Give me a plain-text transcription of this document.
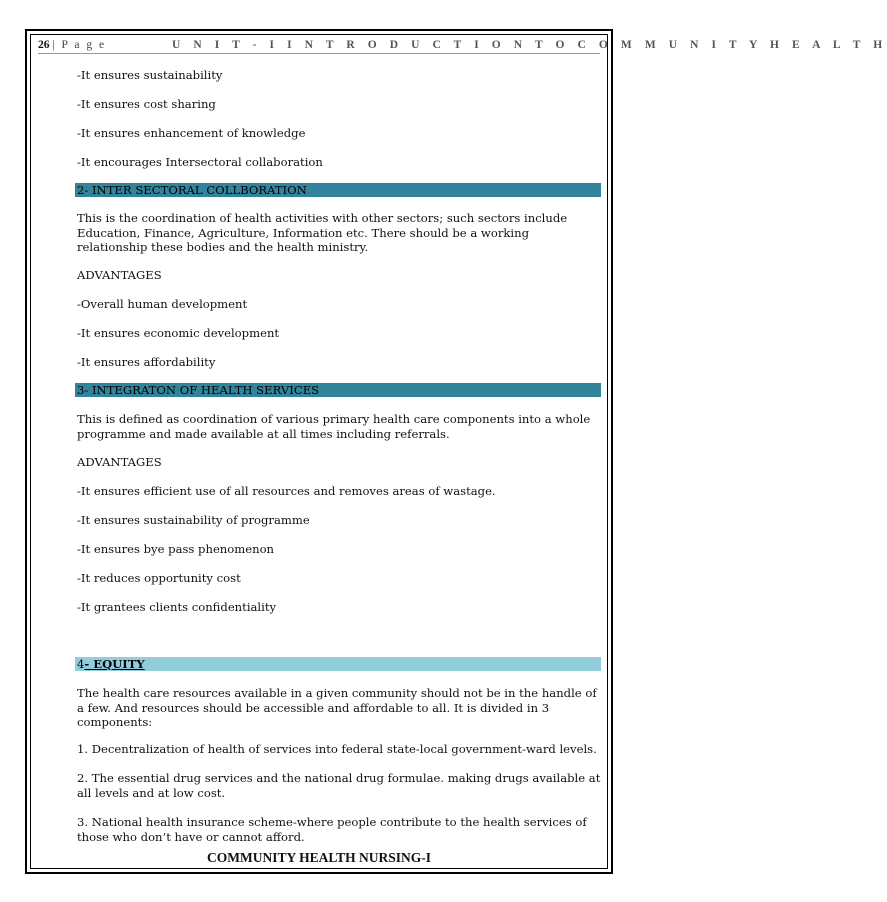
26 | P a g e	U N I T - I I N T R O D U C T I O N T O C O M M U N I T Y H E A L T H
-It ensures sustainability
-It ensures cost sharing
-It ensures enhancement of knowledge
-It encourages Intersectoral collaboration
2- INTER SECTORAL COLLBORATION
This is the coordination of health activities with other sectors; such sectors include Education, Finance, Agriculture, Information etc. There should be a working relationship these bodies and the health ministry.
ADVANTAGES
-Overall human development
-It ensures economic development
-It ensures affordability
3- INTEGRATON OF HEALTH SERVICES
This is defined as coordination of various primary health care components into a whole programme and made available at all times including referrals.
ADVANTAGES
-It ensures efficient use of all resources and removes areas of wastage.
-It ensures sustainability of programme
-It ensures bye pass phenomenon
-It reduces opportunity cost
-It grantees clients confidentiality
4- EQUITY
The health care resources available in a given community should not be in the handle of a few. And resources should be accessible and affordable to all. It is divided in 3 components:
1. Decentralization of health of services into federal state-local government-ward levels.
2. The essential drug services and the national drug formulae. making drugs available at all levels and at low cost.
3. National health insurance scheme-where people contribute to the health services of those who don’t have or cannot afford.
COMMUNITY HEALTH NURSING-I
